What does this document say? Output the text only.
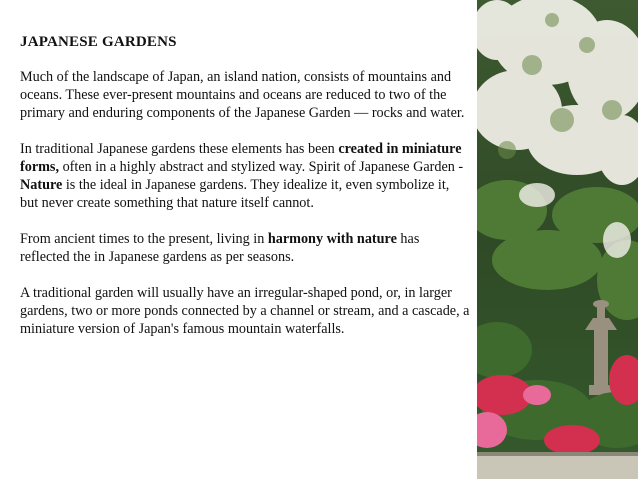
JAPANESE GARDENS

Much of the landscape of Japan, an island nation, consists of mountains and oceans. These ever-present mountains and oceans are reduced to two of the primary and enduring components of the Japanese Garden — rocks and water.

In traditional Japanese gardens these elements has been created in miniature forms, often in a highly abstract and stylized way. Spirit of Japanese Garden -Nature is the ideal in Japanese gardens. They idealize it, even symbolize it, but never create something that nature itself cannot.

From ancient times to the present, living in harmony with nature has reflected the in Japanese gardens as per seasons.

A traditional garden will usually have an irregular-shaped pond, or, in larger gardens, two or more ponds connected by a channel or stream, and a cascade, a miniature version of Japan's famous mountain waterfalls.
